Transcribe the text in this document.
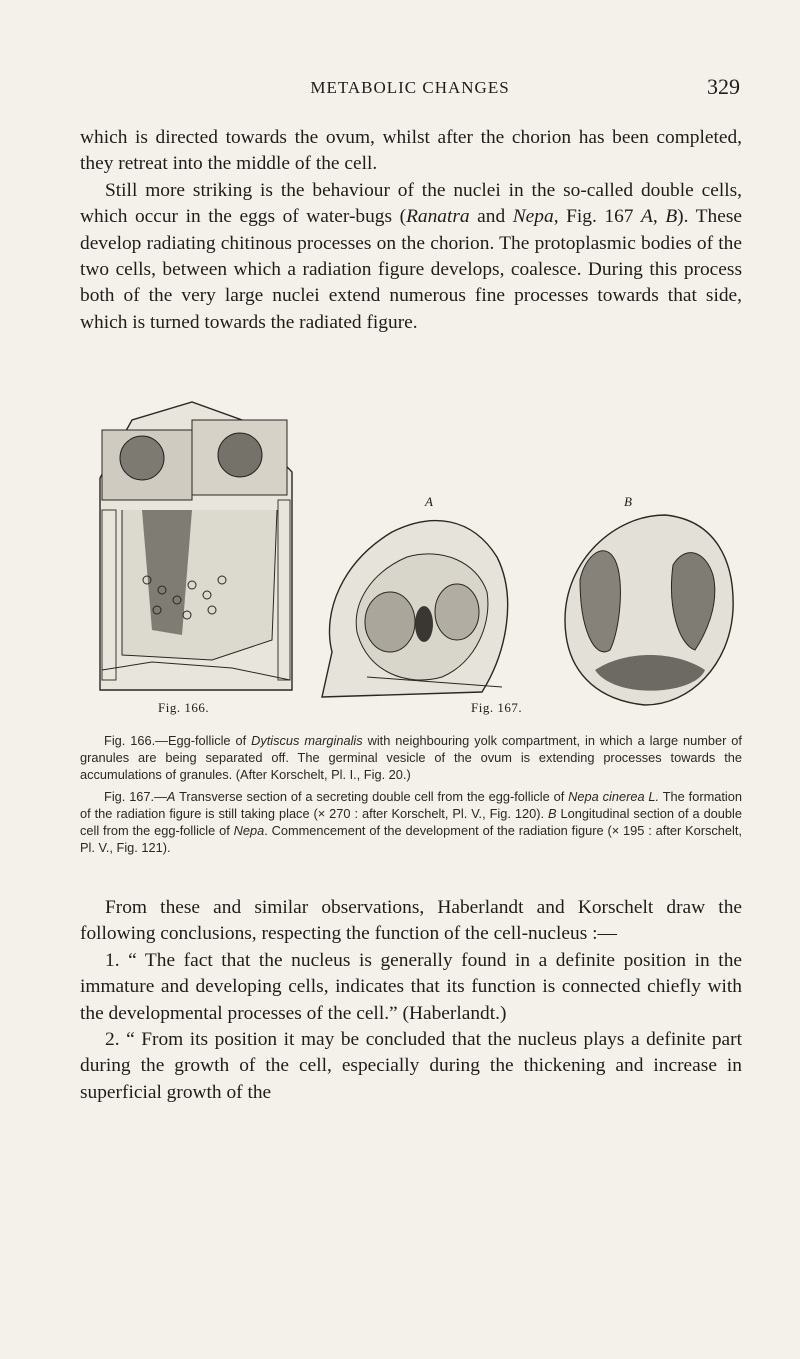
METABOLIC CHANGES	329

which is directed towards the ovum, whilst after the chorion has been completed, they retreat into the middle of the cell.

Still more striking is the behaviour of the nuclei in the so-called double cells, which occur in the eggs of water-bugs (Ranatra and Nepa, Fig. 167 A, B). These develop radiating chitinous processes on the chorion. The protoplasmic bodies of the two cells, between which a radiation figure develops, coalesce. During this process both of the very large nuclei extend numerous fine processes towards that side, which is turned towards the radiated figure.

Fig. 166.	Fig. 167.
A	B

Fig. 166.—Egg-follicle of Dytiscus marginalis with neighbouring yolk compartment, in which a large number of granules are being separated off. The germinal vesicle of the ovum is extending processes towards the accumulations of granules. (After Korschelt, Pl. I., Fig. 20.)

Fig. 167.—A Transverse section of a secreting double cell from the egg-follicle of Nepa cinerea L. The formation of the radiation figure is still taking place (× 270 : after Korschelt, Pl. V., Fig. 120). B Longitudinal section of a double cell from the egg-follicle of Nepa. Commencement of the development of the radiation figure (× 195 : after Korschelt, Pl. V., Fig. 121).

From these and similar observations, Haberlandt and Korschelt draw the following conclusions, respecting the function of the cell-nucleus :—

1. “ The fact that the nucleus is generally found in a definite position in the immature and developing cells, indicates that its function is connected chiefly with the developmental processes of the cell.” (Haberlandt.)

2. “ From its position it may be concluded that the nucleus plays a definite part during the growth of the cell, especially during the thickening and increase in superficial growth of the
